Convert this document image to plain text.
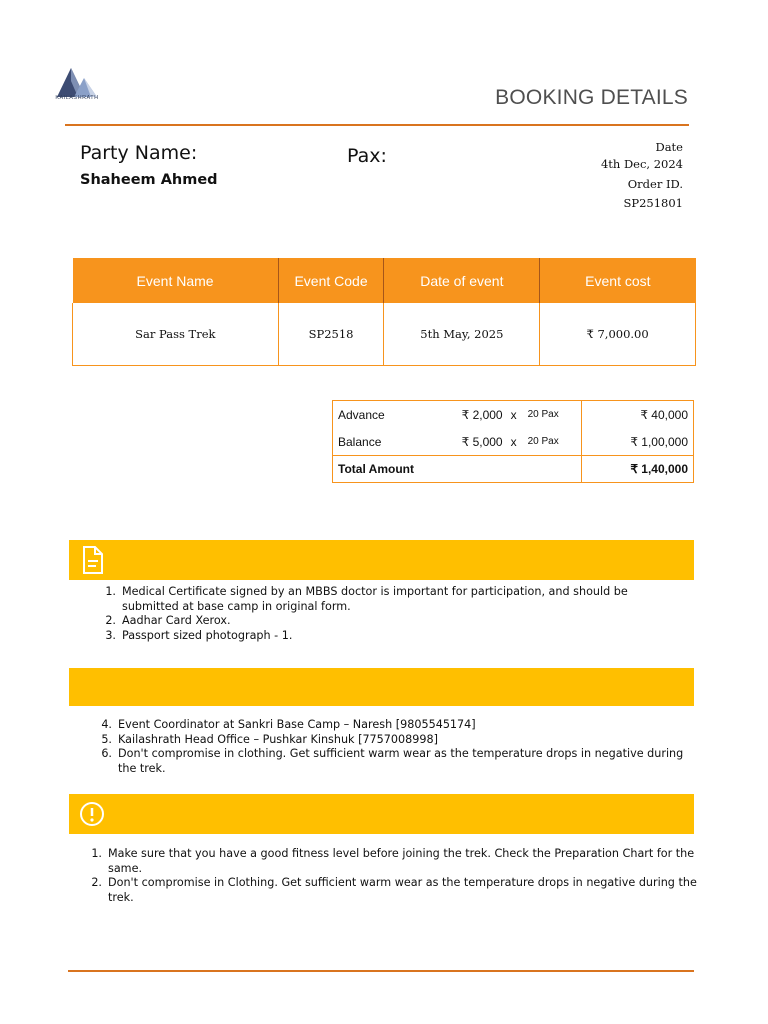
KAILASHRATH	BOOKING DETAILS
Party Name:
Shaheem Ahmed
Pax:	Date
4th Dec, 2024
Order ID.
SP251801
Event Name	Event Code	Date of event	Event cost
Sar Pass Trek	SP2518	5th May, 2025	₹ 7,000.00
Advance	₹ 2,000	x	20 Pax	₹ 40,000
Balance	₹ 5,000	x	20 Pax	₹ 1,00,000
Total Amount				₹ 1,40,000
1. Medical Certificate signed by an MBBS doctor is important for participation, and should be submitted at base camp in original form.
2. Aadhar Card Xerox.
3. Passport sized photograph - 1.
4. Event Coordinator at Sankri Base Camp – Naresh [9805545174]
5. Kailashrath Head Office – Pushkar Kinshuk [7757008998]
6. Don't compromise in clothing. Get sufficient warm wear as the temperature drops in negative during the trek.
1. Make sure that you have a good fitness level before joining the trek. Check the Preparation Chart for the same.
2. Don't compromise in Clothing. Get sufficient warm wear as the temperature drops in negative during the trek.
